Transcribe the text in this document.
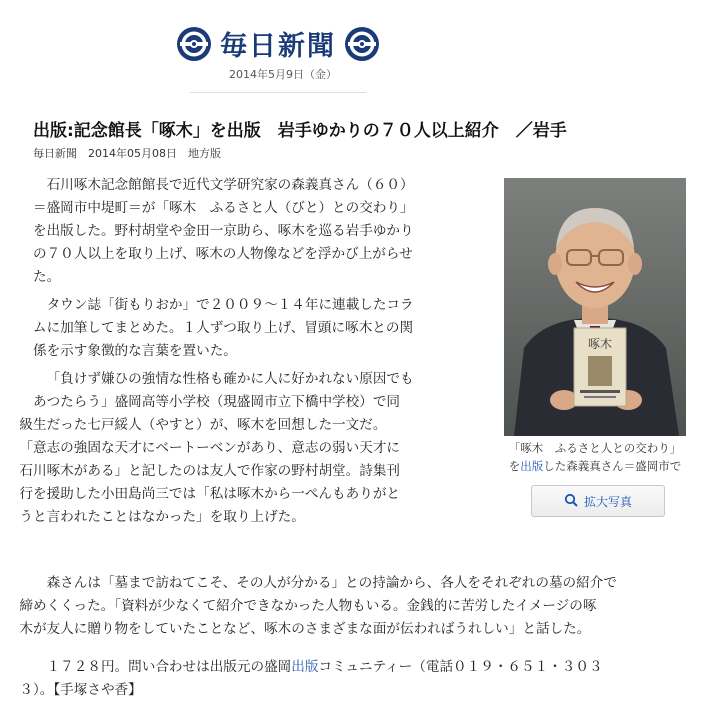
毎日新聞
2014年5月9日（金）
出版:記念館長「啄木」を出版　岩手ゆかりの７０人以上紹介　／岩手
毎日新聞　2014年05月08日　地方版
石川啄木記念館館長で近代文学研究家の森義真さん（６０）
＝盛岡市中堤町＝が「啄木　ふるさと人（びと）との交わり」
を出版した。野村胡堂や金田一京助ら、啄木を巡る岩手ゆかり
の７０人以上を取り上げ、啄木の人物像などを浮かび上がらせ
た。
タウン誌「街もりおか」で２００９～１４年に連載したコラ
ムに加筆してまとめた。１人ずつ取り上げ、冒頭に啄木との関
係を示す象徴的な言葉を置いた。
「負けず嫌ひの強情な性格も確かに人に好かれない原因でも
あつたらう」盛岡高等小学校（現盛岡市立下橋中学校）で同
級生だった七戸綏人（やすと）が、啄木を回想した一文だ。
「意志の強固な天才にベートーベンがあり、意志の弱い天才に
石川啄木がある」と記したのは友人で作家の野村胡堂。詩集刊
行を援助した小田島尚三では「私は啄木から一ぺんもありがと
うと言われたことはなかった」を取り上げた。
森さんは「墓まで訪ねてこそ、その人が分かる」との持論から、各人をそれぞれの墓の紹介で
締めくくった。「資料が少なくて紹介できなかった人物もいる。金銭的に苦労したイメージの啄
木が友人に贈り物をしていたことなど、啄木のさまざまな面が伝わればうれしい」と話した。
１７２８円。問い合わせは出版元の盛岡出版コミュニティー（電話０１９・６５１・３０３
３）。【手塚さや香】
啄木
「啄木　ふるさと人との交わり」
を出版した森義真さん＝盛岡市で
拡大写真
